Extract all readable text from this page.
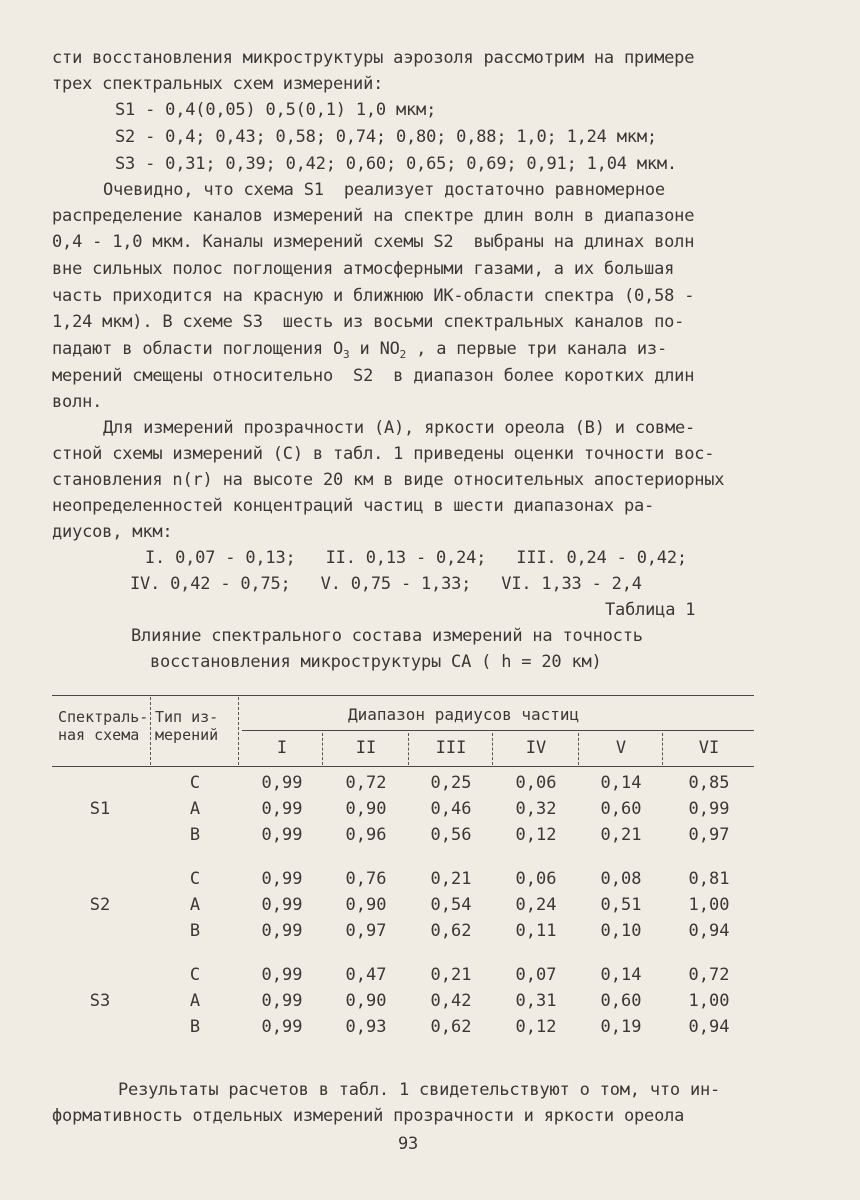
сти восстановления микроструктуры аэрозоля рассмотрим на примере
трех спектральных схем измерений:
S1 - 0,4(0,05) 0,5(0,1) 1,0 мкм;
S2 - 0,4; 0,43; 0,58; 0,74; 0,80; 0,88; 1,0; 1,24 мкм;
S3 - 0,31; 0,39; 0,42; 0,60; 0,65; 0,69; 0,91; 1,04 мкм.
Очевидно, что схема S1  реализует достаточно равномерное
распределение каналов измерений на спектре длин волн в диапазоне
0,4 - 1,0 мкм. Каналы измерений схемы S2  выбраны на длинах волн
вне сильных полос поглощения атмосферными газами, а их большая
часть приходится на красную и ближнюю ИК-области спектра (0,58 -
1,24 мкм). В схеме S3  шесть из восьми спектральных каналов по-
падают в области поглощения $O_3$ и $NO_2$ , а первые три канала из-
мерений смещены относительно  S2  в диапазон более коротких длин
волн.
Для измерений прозрачности (А), яркости ореола (В) и совме-
стной схемы измерений (С) в табл. 1 приведены оценки точности вос-
становления n(r) на высоте 20 км в виде относительных апостериорных
неопределенностей концентраций частиц в шести диапазонах ра-
диусов, мкм:
I. 0,07 - 0,13;   II. 0,13 - 0,24;   III. 0,24 - 0,42;
IV. 0,42 - 0,75;   V. 0,75 - 1,33;   VI. 1,33 - 2,4
Таблица 1
Влияние спектрального состава измерений на точность
восстановления микроструктуры СА ( h = 20 км)
Спектраль-
ная схема
Тип из-
мерений
Диапазон радиусов частиц
I	II	III	IV	V	VI
S1
C	0,99	0,72	0,25	0,06	0,14	0,85
A	0,99	0,90	0,46	0,32	0,60	0,99
B	0,99	0,96	0,56	0,12	0,21	0,97
S2
C	0,99	0,76	0,21	0,06	0,08	0,81
A	0,99	0,90	0,54	0,24	0,51	1,00
B	0,99	0,97	0,62	0,11	0,10	0,94
S3
C	0,99	0,47	0,21	0,07	0,14	0,72
A	0,99	0,90	0,42	0,31	0,60	1,00
B	0,99	0,93	0,62	0,12	0,19	0,94
Результаты расчетов в табл. 1 свидетельствуют о том, что ин-
формативность отдельных измерений прозрачности и яркости ореола
93
